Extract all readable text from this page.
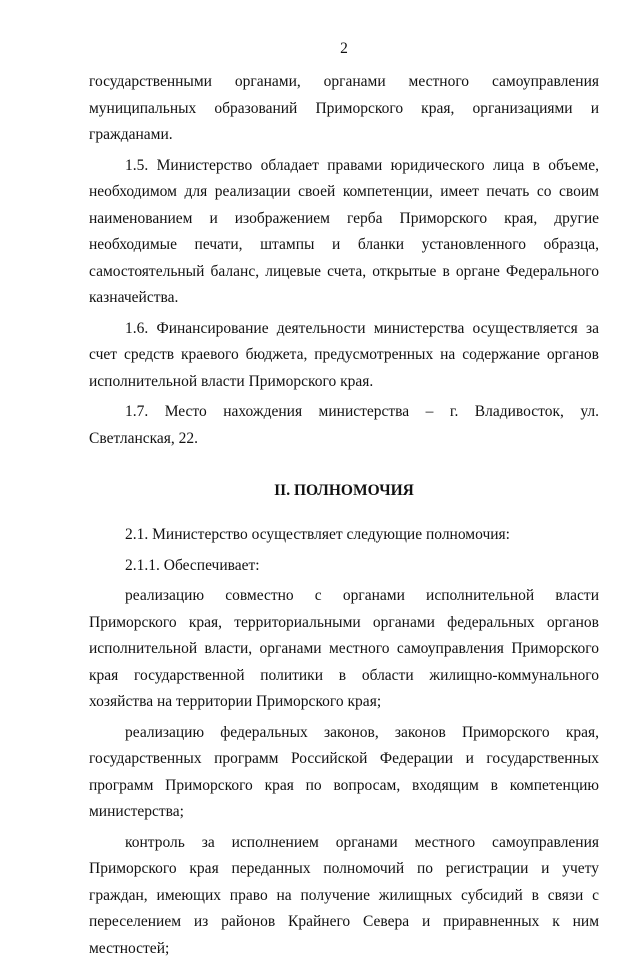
2

государственными органами, органами местного самоуправления муниципальных образований Приморского края, организациями и гражданами.

1.5. Министерство обладает правами юридического лица в объеме, необходимом для реализации своей компетенции, имеет печать со своим наименованием и изображением герба Приморского края, другие необходимые печати, штампы и бланки установленного образца, самостоятельный баланс, лицевые счета, открытые в органе Федерального казначейства.

1.6. Финансирование деятельности министерства осуществляется за счет средств краевого бюджета, предусмотренных на содержание органов исполнительной власти Приморского края.

1.7. Место нахождения министерства – г. Владивосток, ул. Светланская, 22.

II. ПОЛНОМОЧИЯ

2.1. Министерство осуществляет следующие полномочия:

2.1.1. Обеспечивает:

реализацию совместно с органами исполнительной власти Приморского края, территориальными органами федеральных органов исполнительной власти, органами местного самоуправления Приморского края государственной политики в области жилищно-коммунального хозяйства на территории Приморского края;

реализацию федеральных законов, законов Приморского края, государственных программ Российской Федерации и государственных программ Приморского края по вопросам, входящим в компетенцию министерства;

контроль за исполнением органами местного самоуправления Приморского края переданных полномочий по регистрации и учету граждан, имеющих право на получение жилищных субсидий в связи с переселением из районов Крайнего Севера и приравненных к ним местностей;
